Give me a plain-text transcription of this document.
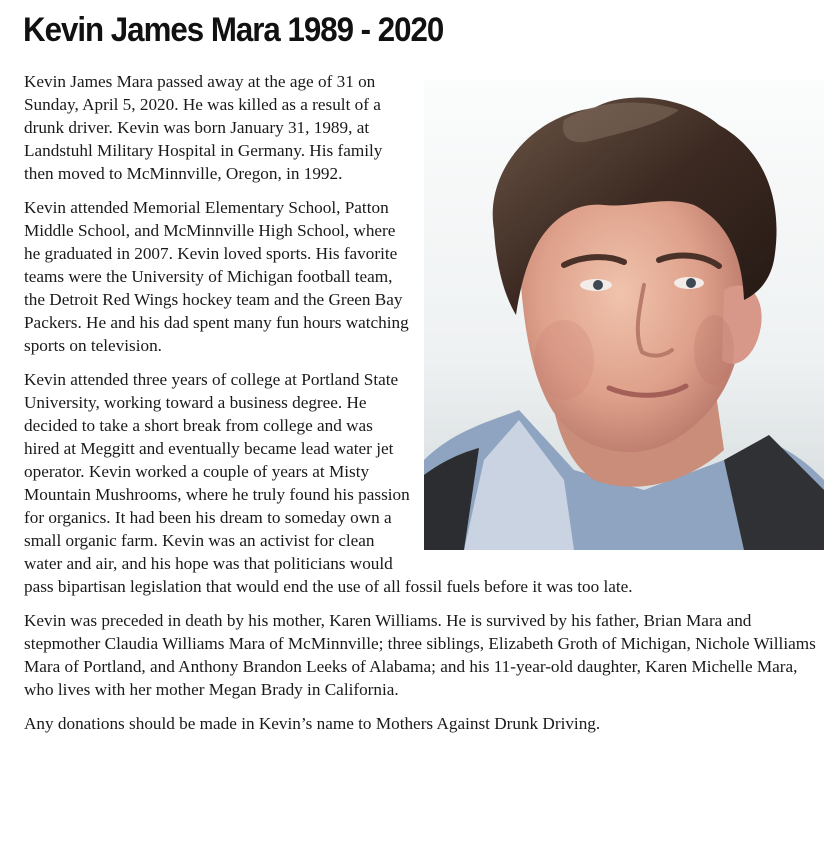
Kevin James Mara 1989 - 2020

Kevin James Mara passed away at the age of 31 on Sunday, April 5, 2020. He was killed as a result of a drunk driver. Kevin was born January 31, 1989, at Landstuhl Military Hospital in Germany. His family then moved to McMinnville, Oregon, in 1992.

Kevin attended Memorial Elementary School, Patton Middle School, and McMinnville High School, where he graduated in 2007. Kevin loved sports. His favorite teams were the University of Michigan football team, the Detroit Red Wings hockey team and the Green Bay Packers. He and his dad spent many fun hours watching sports on television.

Kevin attended three years of college at Portland State University, working toward a business degree. He decided to take a short break from college and was hired at Meggitt and eventually became lead water jet operator. Kevin worked a couple of years at Misty Mountain Mushrooms, where he truly found his passion for organics. It had been his dream to someday own a small organic farm. Kevin was an activist for clean water and air, and his hope was that politicians would pass bipartisan legislation that would end the use of all fossil fuels before it was too late.

Kevin was preceded in death by his mother, Karen Williams. He is survived by his father, Brian Mara and stepmother Claudia Williams Mara of McMinnville; three siblings, Elizabeth Groth of Michigan, Nichole Williams Mara of Portland, and Anthony Brandon Leeks of Alabama; and his 11-year-old daughter, Karen Michelle Mara, who lives with her mother Megan Brady in California.

Any donations should be made in Kevin’s name to Mothers Against Drunk Driving.
